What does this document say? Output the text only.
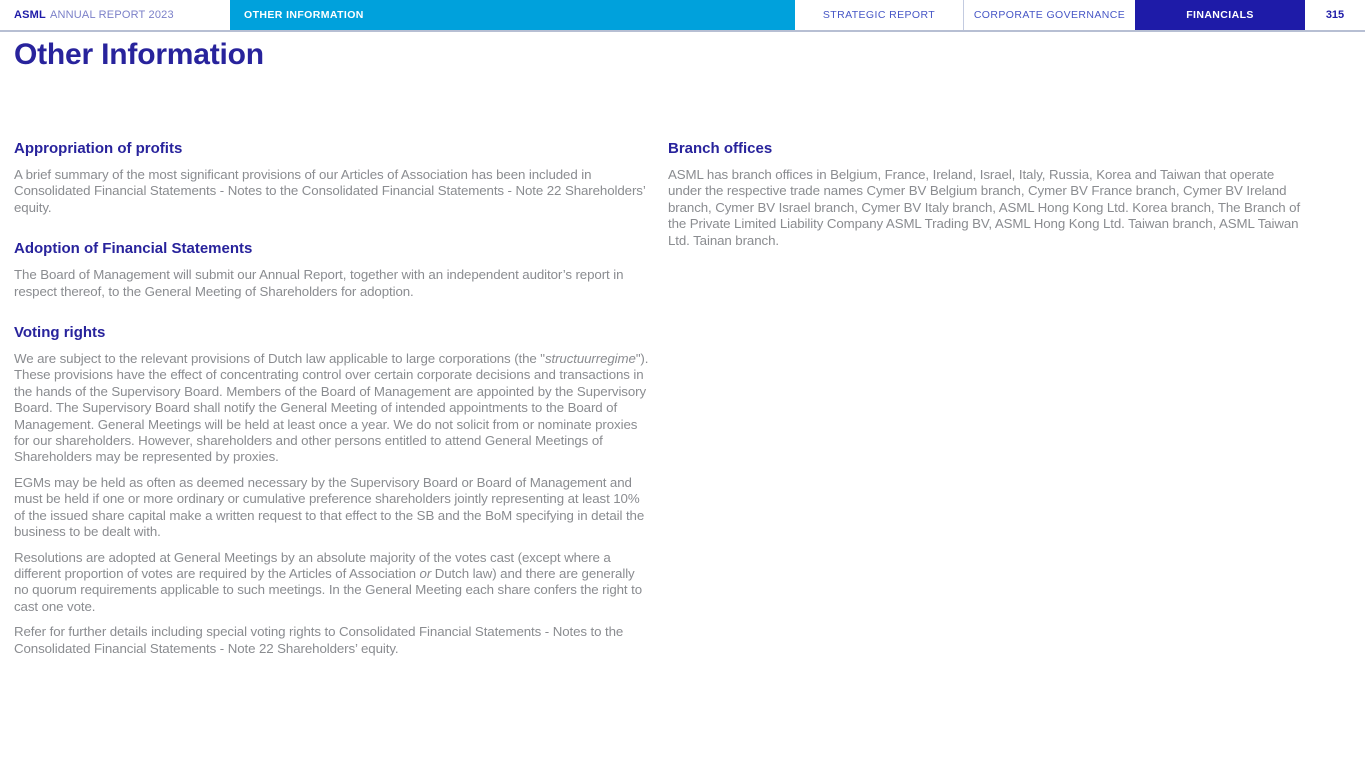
ASML ANNUAL REPORT 2023	OTHER INFORMATION	STRATEGIC REPORT	CORPORATE GOVERNANCE	FINANCIALS	315
Other Information
Appropriation of profits

A brief summary of the most significant provisions of our Articles of Association has been included in Consolidated Financial Statements - Notes to the Consolidated Financial Statements - Note 22 Shareholders’ equity.

Adoption of Financial Statements

The Board of Management will submit our Annual Report, together with an independent auditor’s report in respect thereof, to the General Meeting of Shareholders for adoption.

Voting rights

We are subject to the relevant provisions of Dutch law applicable to large corporations (the "structuurregime"). These provisions have the effect of concentrating control over certain corporate decisions and transactions in the hands of the Supervisory Board. Members of the Board of Management are appointed by the Supervisory Board. The Supervisory Board shall notify the General Meeting of intended appointments to the Board of Management. General Meetings will be held at least once a year. We do not solicit from or nominate proxies for our shareholders. However, shareholders and other persons entitled to attend General Meetings of Shareholders may be represented by proxies.

EGMs may be held as often as deemed necessary by the Supervisory Board or Board of Management and must be held if one or more ordinary or cumulative preference shareholders jointly representing at least 10% of the issued share capital make a written request to that effect to the SB and the BoM specifying in detail the business to be dealt with.

Resolutions are adopted at General Meetings by an absolute majority of the votes cast (except where a different proportion of votes are required by the Articles of Association or Dutch law) and there are generally no quorum requirements applicable to such meetings. In the General Meeting each share confers the right to cast one vote.

Refer for further details including special voting rights to Consolidated Financial Statements - Notes to the Consolidated Financial Statements - Note 22 Shareholders’ equity.

Branch offices

ASML has branch offices in Belgium, France, Ireland, Israel, Italy, Russia, Korea and Taiwan that operate under the respective trade names Cymer BV Belgium branch, Cymer BV France branch, Cymer BV Ireland branch, Cymer BV Israel branch, Cymer BV Italy branch, ASML Hong Kong Ltd. Korea branch, The Branch of the Private Limited Liability Company ASML Trading BV, ASML Hong Kong Ltd. Taiwan branch, ASML Taiwan Ltd. Tainan branch.
